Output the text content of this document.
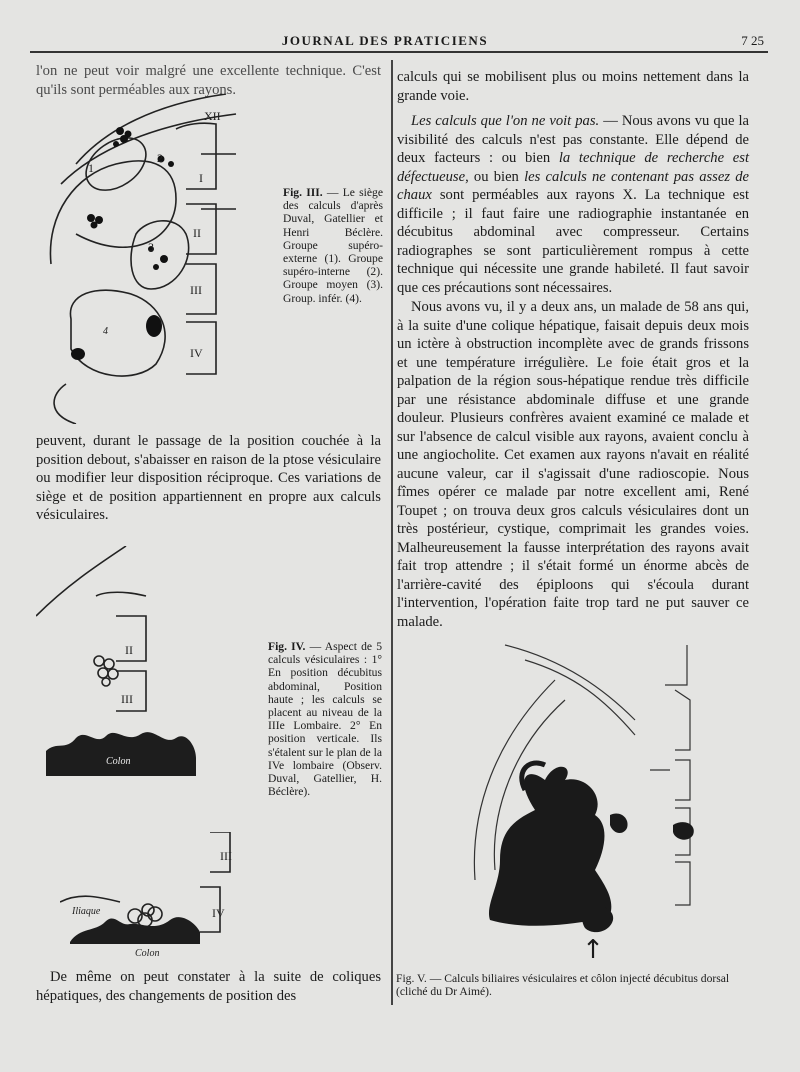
JOURNAL DES PRATICIENS	7 25

l'on ne peut voir malgré une excellente technique. C'est qu'ils sont perméables aux rayons.

1
2
3
4
XII
I
II
III
IV
Fig. III. — Le siège des calculs d'après Duval, Gatellier et Henri Béclère. Groupe supéro-externe (1). Groupe supéro-interne (2). Groupe moyen (3). Group. infér. (4).

peuvent, durant le passage de la position couchée à la position debout, s'abaisser en raison de la ptose vésiculaire ou modifier leur disposition réciproque. Ces variations de siège et de position appartiennent en propre aux calculs vésiculaires.

II
III
Colon
Fig. IV. — Aspect de 5 calculs vésiculaires : 1° En position décubitus abdominal, Position haute ; les calculs se placent au niveau de la IIIe Lombaire. 2° En position verticale. Ils s'étalent sur le plan de la IVe lombaire (Observ. Duval, Gatellier, H. Béclère).
III
IV
Iliaque
Colon

De même on peut constater à la suite de coliques hépatiques, des changements de position des

calculs qui se mobilisent plus ou moins nettement dans la grande voie.

Les calculs que l'on ne voit pas. — Nous avons vu que la visibilité des calculs n'est pas constante. Elle dépend de deux facteurs : ou bien la technique de recherche est défectueuse, ou bien les calculs ne contenant pas assez de chaux sont perméables aux rayons X. La technique est difficile ; il faut faire une radiographie instantanée en décubitus abdominal avec compresseur. Certains radiographes se sont particulièrement rompus à cette technique qui nécessite une grande habileté. Il faut savoir que ces précautions sont nécessaires.

Nous avons vu, il y a deux ans, un malade de 58 ans qui, à la suite d'une colique hépatique, faisait depuis deux mois un ictère à obstruction incomplète avec de grands frissons et une température irrégulière. Le foie était gros et la palpation de la région sous-hépatique rendue très difficile par une résistance abdominale diffuse et une grande douleur. Plusieurs confrères avaient examiné ce malade et sur l'absence de calcul visible aux rayons, avaient conclu à une angiocholite. Cet examen aux rayons n'avait en réalité aucune valeur, car il s'agissait d'une radioscopie. Nous fîmes opérer ce malade par notre excellent ami, René Toupet ; on trouva deux gros calculs vésiculaires dont un très postérieur, cystique, comprimait les grandes voies. Malheureusement la fausse interprétation des rayons avait fait trop attendre ; il s'était formé un énorme abcès de l'arrière-cavité des épiploons qui s'écoula durant l'intervention, l'opération faite trop tard ne put sauver ce malade.

↑
Fig. V. — Calculs biliaires vésiculaires et côlon injecté décubitus dorsal (cliché du Dr Aimé).
